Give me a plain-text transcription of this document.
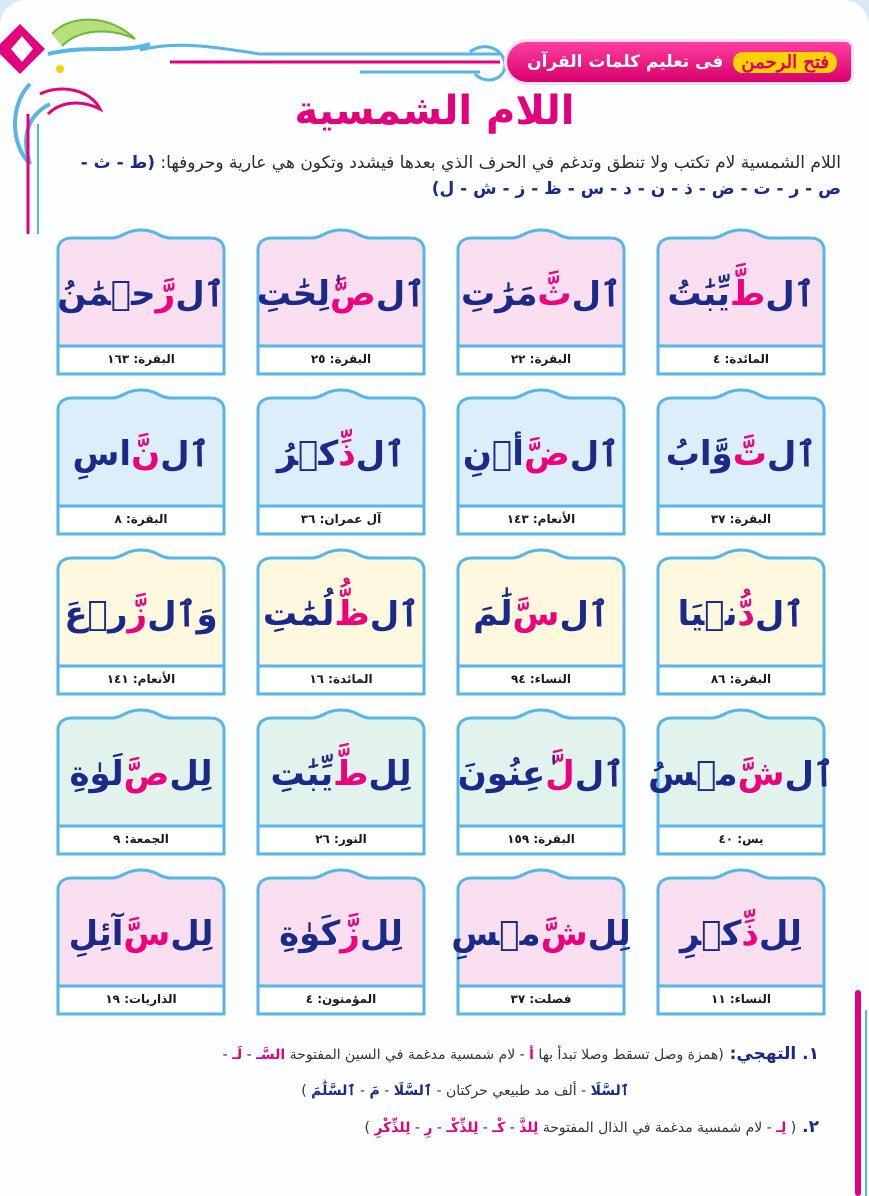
فتح الرحمن
فى تعليم كلمات القرآن
اللام الشمسية
اللام الشمسية لام تكتب ولا تنطق وتدغم في الحرف الذي بعدها فيشدد وتكون هي عارية وحروفها: (ط - ث - ص - ر - ت - ض - ذ - ن - د - س - ظ - ز - ش - ل)
ٱل
طَّ
يِّبَٰتُ
المائدة: ٤
ٱل
ثَّ
مَرَٰتِ
البقرة: ٢٢
ٱل
صَّ
ٰلِحَٰتِ
البقرة: ٢٥
ٱل
رَّ
حۡمَٰنُ
البقرة: ١٦٣
ٱل
تَّ
وَّابُ
البقرة: ٣٧
ٱل
ضَّ
أۡنِ
الأنعام: ١٤٣
ٱل
ذِّ
كۡرُ
آل عمران: ٣٦
ٱل
نَّ
اسِ
البقرة: ٨
ٱل
دُّ
نۡيَا
البقرة: ٨٦
ٱل
سَّ
لَٰمَ
النساء: ٩٤
ٱل
ظُّ
لُمَٰتِ
المائدة: ١٦
وَٱل
زَّ
رۡعَ
الأنعام: ١٤١
ٱل
شَّ
مۡسُ
يس: ٤٠
ٱل
لَّ
ٰعِنُونَ
البقرة: ١٥٩
لِل
طَّ
يِّبَٰتِ
النور: ٢٦
لِل
صَّ
لَوٰةِ
الجمعة: ٩
لِل
ذِّ
كۡرِ
النساء: ١١
لِل
شَّ
مۡسِ
فصلت: ٣٧
لِل
زَّ
كَوٰةِ
المؤمنون: ٤
لِل
سَّ
آئِلِ
الذاريات: ١٩
١. التهجي: (همزة وصل تسقط وصلا تبدأ بها أ - لام شمسية مدغمة في السين المفتوحة السَّـ - لَـ -
ٱلسَّلَا - ألف مد طبيعي حركتان - ٱلسَّلَا - مَ - ٱلسَّلَٰمَ )
٢. ( لِـ - لام شمسية مدغمة في الذال المفتوحة لِلذَّ - كْـ - لِلذِّكْـ - رِ - لِلذِّكْرِ )
